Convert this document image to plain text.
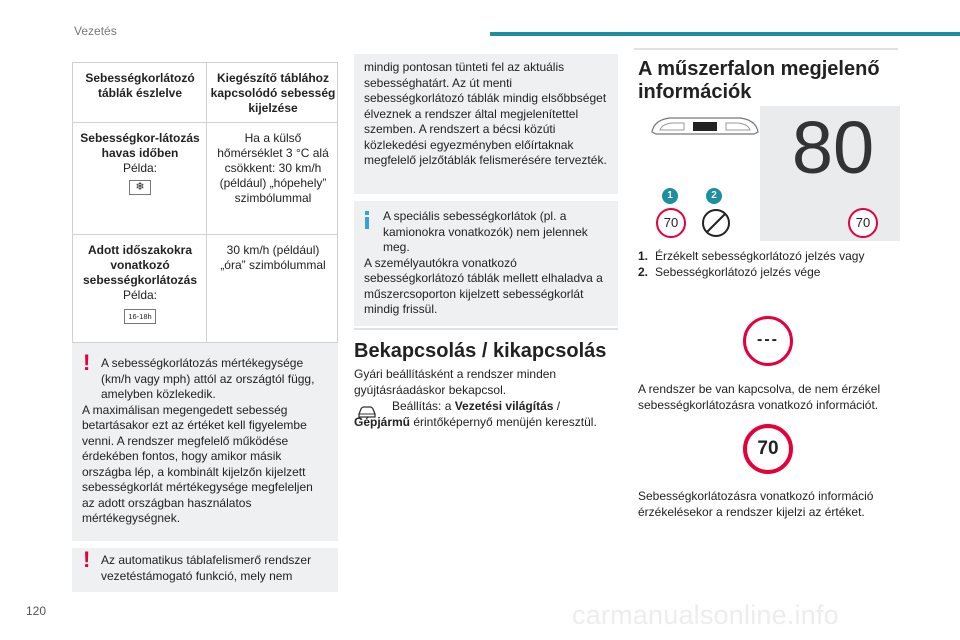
Vezetés
120	carmanualsonline.info
Sebességkorlátozó táblák észlelve
Kiegészítő táblához kapcsolódó sebesség kijelzése
Sebességkor-látozás havas időben
Példa:
❄
Ha a külső hőmérséklet 3 °C alá csökkent: 30 km/h (például) „hópehely” szimbólummal
Adott időszakokra vonatkozó sebességkorlátozás
Példa:
16-18h
30 km/h (például) „óra” szimbólummal
! A sebességkorlátozás mértékegysége (km/h vagy mph) attól az országtól függ, amelyben közlekedik.

A maximálisan megengedett sebesség betartásakor ezt az értéket kell figyelembe venni. A rendszer megfelelő működése érdekében fontos, hogy amikor másik országba lép, a kombinált kijelzőn kijelzett sebességkorlát mértékegysége megfeleljen az adott országban használatos mértékegységnek.

! Az automatikus táblafelismerő rendszer vezetéstámogató funkció, mely nem

mindig pontosan tünteti fel az aktuális sebességhatárt. Az út menti sebességkorlátozó táblák mindig elsőbbséget élveznek a rendszer által megjelenítettel szemben. A rendszert a bécsi közúti közlekedési egyezményben előírtaknak megfelelő jelzőtáblák felismerésére tervezték.

A speciális sebességkorlátok (pl. a kamionokra vonatkozók) nem jelennek meg.

A személyautókra vonatkozó sebességkorlátozó táblák mellett elhaladva a műszercsoporton kijelzett sebességkorlát mindig frissül.

Bekapcsolás / kikapcsolás
Gyári beállításként a rendszer minden gyújtásráadáskor bekapcsol.
Beállítás: a Vezetési világítás / Gépjármű érintőképernyő menüjén keresztül.
A műszerfalon megjelenő információk
1	2
70
80
70
1. Érzékelt sebességkorlátozó jelzés vagy
2. Sebességkorlátozó jelzés vége
---
A rendszer be van kapcsolva, de nem érzékel sebességkorlátozásra vonatkozó információt.
70
Sebességkorlátozásra vonatkozó információ érzékelésekor a rendszer kijelzi az értéket.
